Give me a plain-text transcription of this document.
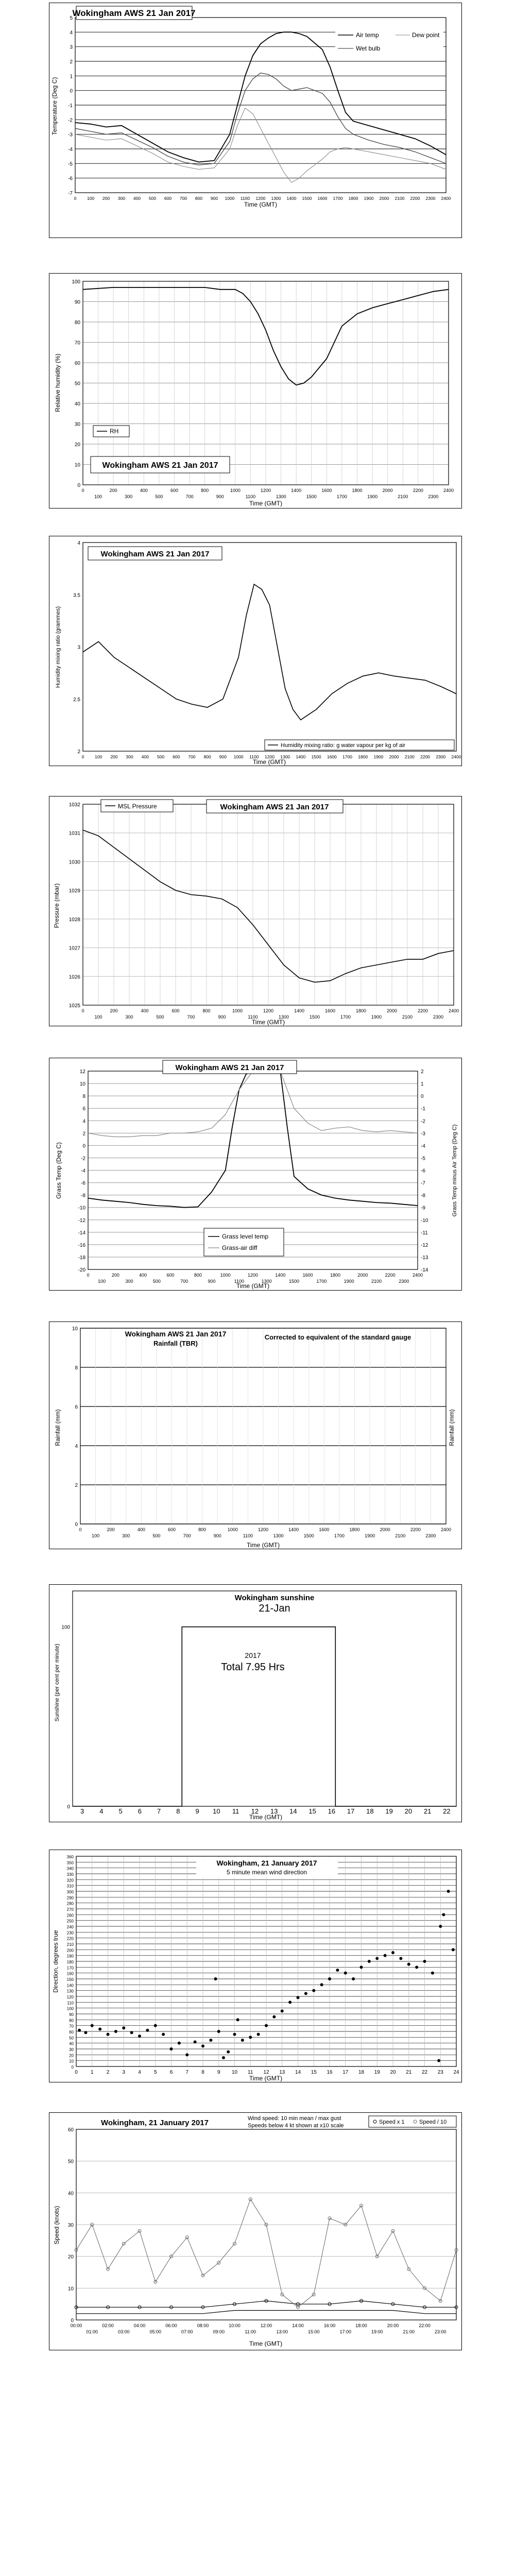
-7
-6
-5
-4
-3
-2
-1
0
1
2
3
4
5
0 100 200 300 400 500 600 700 800 900 1000 1100 1200 1300 1400 1500 1600 1700 1800 1900 2000 2100 2200 2300 2400
Wokingham AWS 21 Jan 2017
Air temp
Wet bulb
Dew point
Time (GMT)
Temperature (Deg C)
0
10
20
30
40
50
60
70
80
90
100
0	200	400	600	800	1000	1200	1400	1600	1800	2000	2200	2400
100	300	500	700	900	1100	1300	1500	1700	1900	2100	2300
RH
Wokingham AWS 21 Jan 2017
Time (GMT)
Relative humidity (%)
2
2.5
3
3.5
4
0 100 200 300 400 500 600 700 800 900 1000 1100 1200 1300 1400 1500 1600 1700 1800 1900 2000 2100 2200 2300 2400
Wokingham AWS 21 Jan 2017
Humidity mixing ratio: g water vapour per kg of air
Time (GMT)
Humidity mixing ratio (grammes)
1025
1026
1027
1028
1029
1030
1031
1032
0	200	400	600	800	1000	1200	1400	1600	1800	2000	2200	2400
100	300	500	700	900	1100	1300	1500	1700	1900	2100	2300
MSL Pressure	Wokingham AWS 21 Jan 2017
Time (GMT)
Pressure (mbar)
-20
-18
-16
-14
-12
-10
-8
-6
-4
-2
0
2
4
6
8
10
12
-14
-13
-12
-11
-10
-9
-8
-7
-6
-5
-4
-3
-2
-1
0
1
2
0	200	400	600	800	1000	1200	1400	1600	1800	2000	2200	2400
100	300	500	700	900	1100	1300	1500	1700	1900	2100	2300
Wokingham AWS 21 Jan 2017
Grass level temp
Grass-air diff
Time (GMT)
Grass Temp (Deg C)	Grass Temp minus Air Temp (Deg C)
0
2
4
6
8
10
0	200	400	600	800	1000	1200	1400	1600	1800	2000	2200	2400
100	300	500	700	900	1100	1300	1500	1700	1900	2100	2300
Wokingham AWS 21 Jan 2017
Rainfall (TBR)
Corrected to equivalent of the standard gauge
Time (GMT)
Rainfall (mm)	Rainfall (mm)
0
100
3 4 5 6 7 8 9 10 11 12 13 14 15 16 17 18 19 20 21 22
Wokingham sunshine
21-Jan
2017
Total 7.95 Hrs
Time (GMT)
Sunshine (per cent per minute)
0
10
20
30
40
50
60
70
80
90
100
110
120
130
140
150
160
170
180
190
200
210
220
230
240
250
260
270
280
290
300
310
320
330
340
350
360
0	1	2	3	4	5	6	7	8	9 10 11 12 13 14 15 16 17 18 19 20 21 22 23 24
Wokingham, 21 January 2017
5 minute mean wind direction
Time (GMT)
Direction, degrees true
0
10
20
30
40
50
60
00:00	02:00	04:00	06:00	08:00	10:00	12:00	14:00	16:00	18:00	20:00	22:00
01:00	03:00	05:00	07:00	09:00	11:00	13:00	15:00	17:00	19:00	21:00	23:00
Wokingham, 21 January 2017	Wind speed: 10 min mean / max gust
Speeds below 4 kt shown at x10 scale
Speed x 1	Speed / 10
Time (GMT)
Speed (knots)
